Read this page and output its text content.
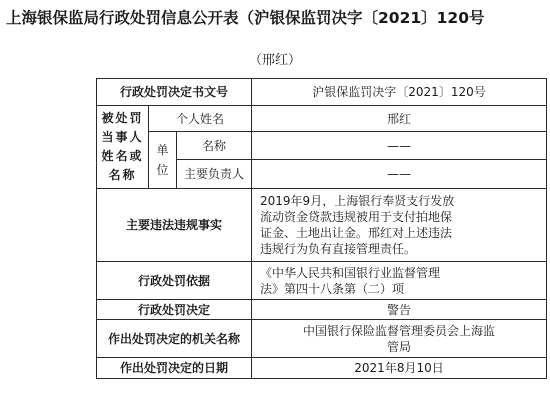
上海银保监局行政处罚信息公开表（沪银保监罚决字〔2021〕120号
（邢红）
行政处罚决定书文号			沪银保监罚决字〔2021〕120号

被处罚
当事人
姓名或
名称	个人姓名		邢红

	单
位	名称	——
		主要负责人	——
主要违法违规事实			2019年9月，上海银行奉贤支行发放
流动资金贷款违规被用于支付拍地保
证金、土地出让金。邢红对上述违法
违规行为负有直接管理责任。

行政处罚依据			《中华人民共和国银行业监督管理
法》第四十八条第（二）项

行政处罚决定			警告
作出处罚决定的机关名称			中国银行保险监督管理委员会上海监
管局

作出处罚决定的日期			2021年8月10日
